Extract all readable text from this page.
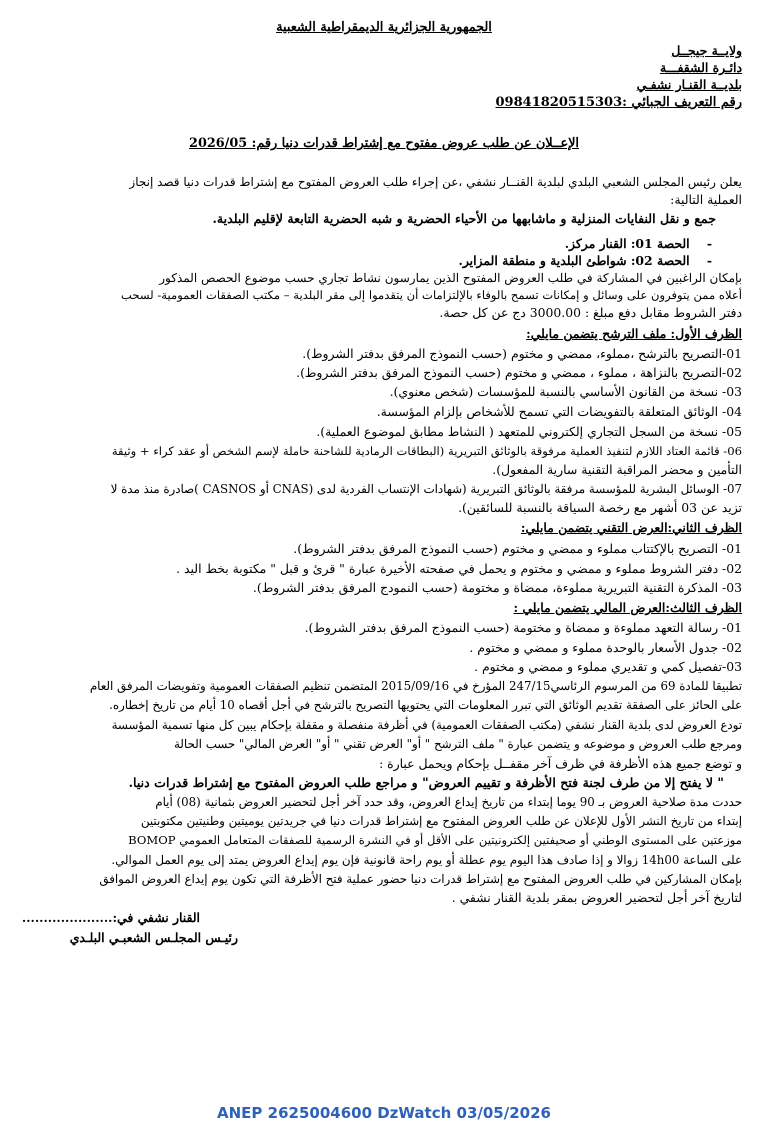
الجمهورية الجزائرية الديمقراطية الشعبية
ولايــة جيجــل
دائـرة الشقفـــة
بلديــة القنـار نشفـي
رقم التعريف الجبائي :09841820515303
الإعــلان عن طلب عروض مفتوح مع إشتراط قدرات دنيا رقم: 2026/05
يعلن رئيس المجلس الشعبي البلدي لبلدية القنــار نشفي ،عن إجراء طلب العروض المفتوح مع إشتراط قدرات دنيا قصد إنجاز
العملية التالية:
جمع و نقل النفايات المنزلية و ماشابهها من الأحياء الحضرية و شبه الحضرية التابعة لإقليم البلدية.
-    الحصة 01: القنار مركز.
-    الحصة 02: شواطئ البلدية و منطقة المزاير.
بإمكان الراغبين في المشاركة في طلب العروض المفتوح الذين يمارسون نشاط تجاري حسب موضوع الحصص المذكور
أعلاه ممن يتوفرون على وسائل و إمكانات تسمح بالوفاء بالإلتزامات أن يتقدموا إلى مقر البلدية – مكتب الصفقات العمومية- لسحب
دفتر الشروط مقابل دفع مبلغ : 3000.00 دج عن كل حصة.
الظرف الأول: ملف الترشح يتضمن مايلي:
01-التصريح بالترشح ،مملوء، ممضي و مختوم (حسب النموذج المرفق بدفتر الشروط).
02-التصريح بالنزاهة ، مملوء ، ممضي و مختوم (حسب النموذج المرفق بدفتر الشروط).
03- نسخة من القانون الأساسي بالنسبة للمؤسسات (شخص معنوي).
04- الوثائق المتعلقة بالتفويضات التي تسمح للأشخاص بإلزام المؤسسة.
05- نسخة من السجل التجاري إلكتروني للمتعهد ( النشاط مطابق لموضوع العملية).
06- قائمة العتاد اللازم لتنفيذ العملية مرفوقة بالوثائق التبريرية (البطاقات الرمادية للشاحنة حاملة لإسم الشخص أو عقد كراء + وثيقة
التأمين و محضر المراقبة التقنية سارية المفعول).
07- الوسائل البشرية للمؤسسة مرفقة بالوثائق التبريرية (شهادات الإنتساب الفردية لدى (CNAS أو CASNOS )صادرة منذ مدة لا
تزيد عن 03 أشهر مع رخصة السياقة بالنسبة للسائقين).
الظرف الثاني:العرض التقني يتضمن مايلي:
01- التصريح بالإكتتاب مملوء و ممضي و مختوم (حسب النموذج المرفق بدفتر الشروط).
02- دفتر الشروط مملوء و ممضي و مختوم و يحمل في صفحته الأخيرة عبارة " قرئ و قبل " مكتوبة بخط اليد .
03- المذكرة التقنية التبريرية مملوءة، ممضاة و مختومة (حسب النمودج المرفق بدفتر الشروط).
الظرف الثالث:العرض المالي يتضمن مايلي :
01- رسالة التعهد مملوءة و ممضاة و مختومة (حسب النموذج المرفق بدفتر الشروط).
02- جدول الأسعار بالوحدة مملوء و ممضي و مختوم .
03-تفصيل كمي و تقديري مملوء و ممضي و مختوم .
تطبيقا للمادة 69 من المرسوم الرئاسي247/15 المؤرخ في 2015/09/16 المتضمن تنظيم الصفقات العمومية وتفويضات المرفق العام
على الحائز على الصفقة تقديم الوثائق التي تبرر المعلومات التي يحتويها التصريح بالترشح في أجل أقصاه 10 أيام من تاريخ إخطاره.
تودع العروض لدى بلدية القنار نشفي (مكتب الصفقات العمومية) في أظرفة منفصلة و مقفلة بإحكام يبين كل منها تسمية المؤسسة
ومرجع طلب العروض و موضوعه و يتضمن عبارة " ملف الترشح " أو" العرض تقني " أو" العرض المالي" حسب الحالة
و توضع جميع هذه الأظرفة في ظرف آخر مقفــل بإحكام ويحمل عبارة :
" لا يفتح إلا من طرف لجنة فتح الأظرفة و تقييم العروض" و مراجع طلب العروض المفتوح مع إشتراط قدرات دنيا.
حددت مدة صلاحية العروض بـ 90 يوما إبتداء من تاريخ إيداع العروض، وقد حدد آخر أجل لتحضير العروض بثمانية (08) أيام
إبتداء من تاريخ النشر الأول للإعلان عن طلب العروض المفتوح مع إشتراط قدرات دنيا في جريدتين يوميتين وطنيتين مكتوبتين
موزعتين على المستوى الوطني أو صحيفتين إلكترونيتين على الأقل أو في النشرة الرسمية للصفقات المتعامل العمومي BOMOP
على الساعة 14h00 زوالا و إذا صادف هذا اليوم يوم عطلة أو يوم راحة قانونية فإن يوم إيداع العروض يمتد إلى يوم العمل الموالي.
بإمكان المشاركين في طلب العروض المفتوح مع إشتراط قدرات دنيا حضور عملية فتح الأظرفة التي تكون يوم إيداع العروض الموافق
لتاريخ آخر أجل لتحضير العروض بمقر بلدية القنار نشفي .
القنار نشفي في:.....................
رئيـس المجلـس الشعبـي البلـدي
ANEP 2625004600 DzWatch 03/05/2026
